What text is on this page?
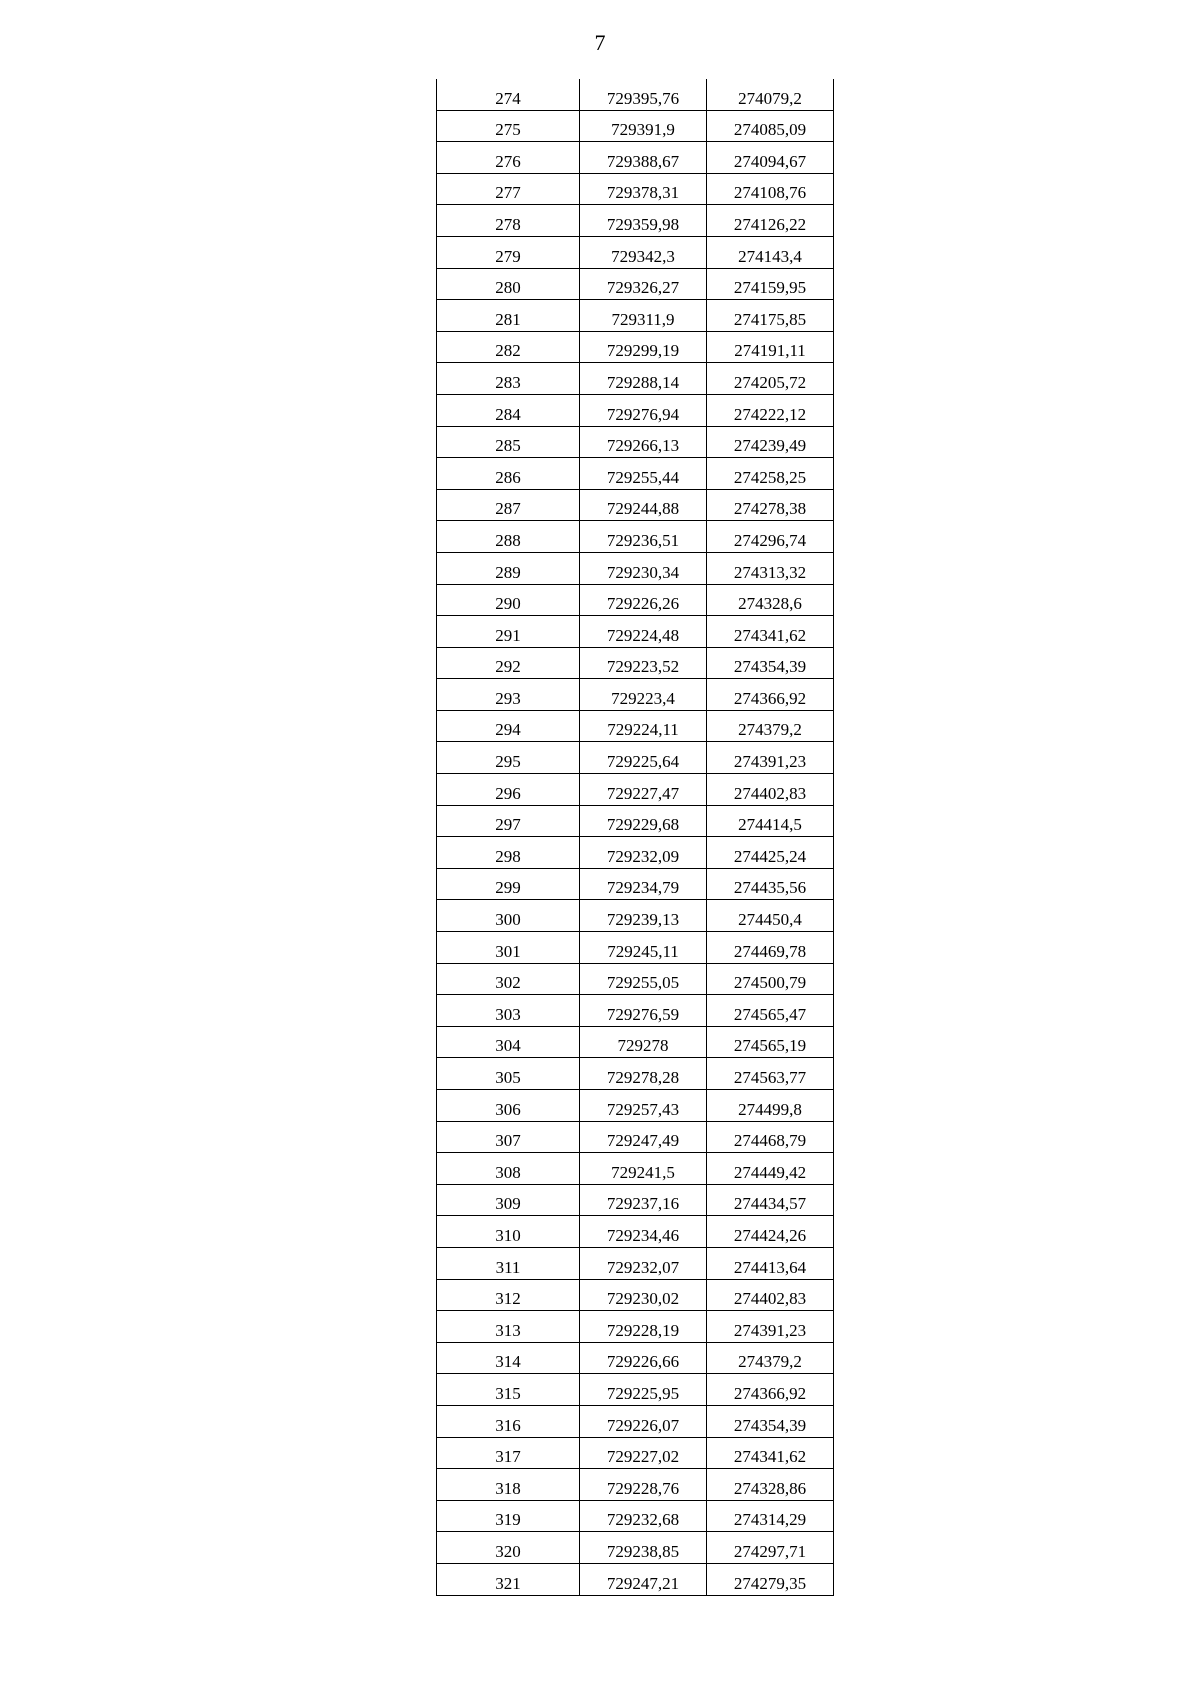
7
274	729395,76	274079,2
275	729391,9	274085,09
276	729388,67	274094,67
277	729378,31	274108,76
278	729359,98	274126,22
279	729342,3	274143,4
280	729326,27	274159,95
281	729311,9	274175,85
282	729299,19	274191,11
283	729288,14	274205,72
284	729276,94	274222,12
285	729266,13	274239,49
286	729255,44	274258,25
287	729244,88	274278,38
288	729236,51	274296,74
289	729230,34	274313,32
290	729226,26	274328,6
291	729224,48	274341,62
292	729223,52	274354,39
293	729223,4	274366,92
294	729224,11	274379,2
295	729225,64	274391,23
296	729227,47	274402,83
297	729229,68	274414,5
298	729232,09	274425,24
299	729234,79	274435,56
300	729239,13	274450,4
301	729245,11	274469,78
302	729255,05	274500,79
303	729276,59	274565,47
304	729278	274565,19
305	729278,28	274563,77
306	729257,43	274499,8
307	729247,49	274468,79
308	729241,5	274449,42
309	729237,16	274434,57
310	729234,46	274424,26
311	729232,07	274413,64
312	729230,02	274402,83
313	729228,19	274391,23
314	729226,66	274379,2
315	729225,95	274366,92
316	729226,07	274354,39
317	729227,02	274341,62
318	729228,76	274328,86
319	729232,68	274314,29
320	729238,85	274297,71
321	729247,21	274279,35
